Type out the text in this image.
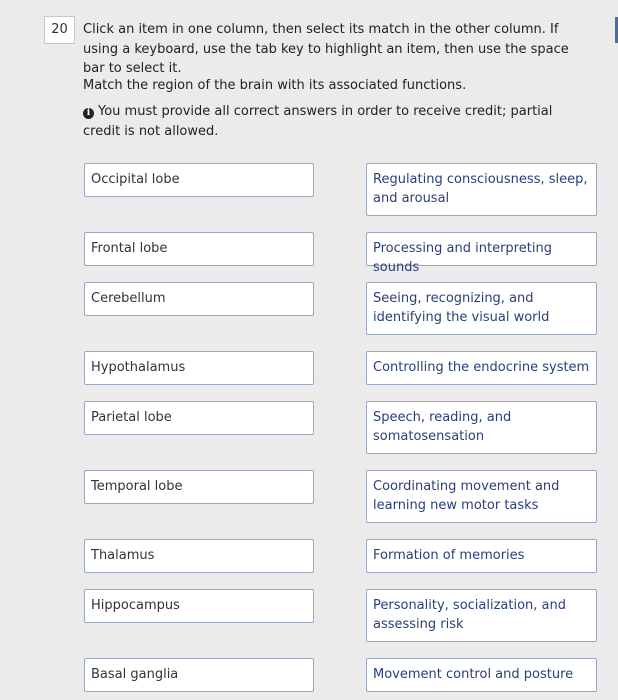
20	Click an item in one column, then select its match in the other column. If using a keyboard, use the tab key to highlight an item, then use the space bar to select it.
Match the region of the brain with its associated functions.
i You must provide all correct answers in order to receive credit; partial credit is not allowed.
Occipital lobe
Frontal lobe
Cerebellum
Hypothalamus
Parietal lobe
Temporal lobe
Thalamus
Hippocampus
Basal ganglia
Regulating consciousness, sleep, and arousal
Processing and interpreting sounds
Seeing, recognizing, and identifying the visual world
Controlling the endocrine system
Speech, reading, and somatosensation
Coordinating movement and learning new motor tasks
Formation of memories
Personality, socialization, and assessing risk
Movement control and posture
